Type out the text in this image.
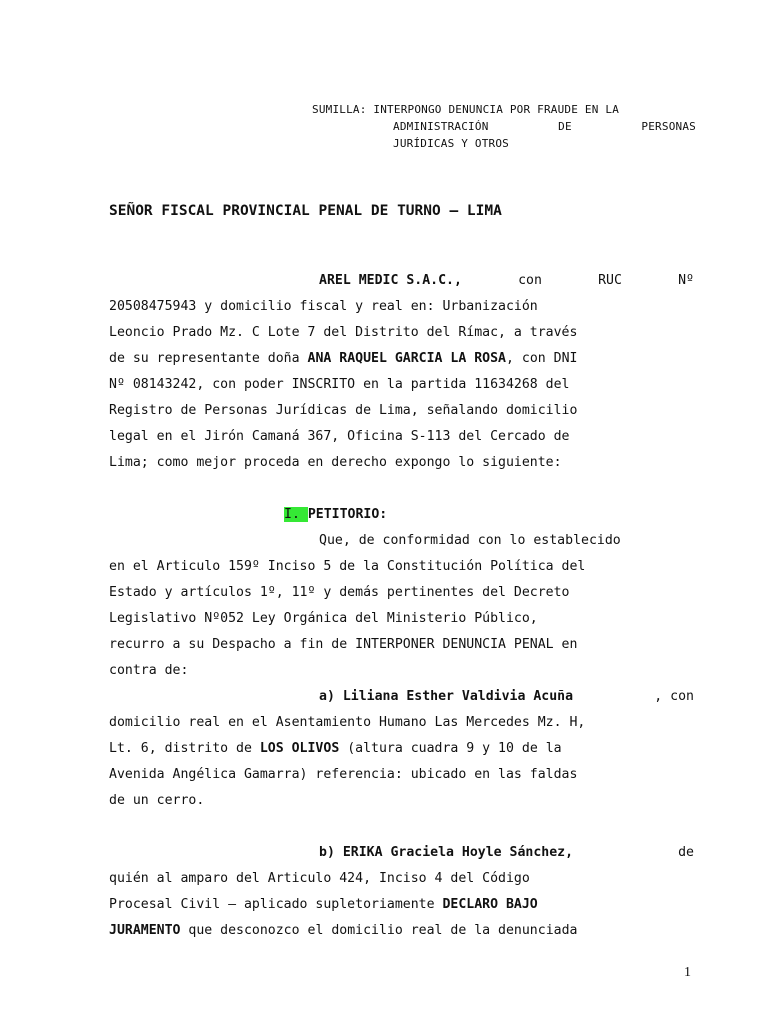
SUMILLA: INTERPONGO DENUNCIA POR FRAUDE EN LA
ADMINISTRACIÓN	DE	PERSONAS
JURÍDICAS Y OTROS
SEÑOR FISCAL PROVINCIAL PENAL DE TURNO – LIMA
AREL MEDIC S.A.C.,	con	RUC	Nº
20508475943 y domicilio fiscal y real en: Urbanización
Leoncio Prado Mz. C Lote 7 del Distrito del Rímac, a través
de su representante doña ANA RAQUEL GARCIA LA ROSA, con DNI
Nº 08143242, con poder INSCRITO en la partida 11634268 del
Registro de Personas Jurídicas de Lima, señalando domicilio
legal en el Jirón Camaná 367, Oficina S-113 del Cercado de
Lima; como mejor proceda en derecho expongo lo siguiente:
I. PETITORIO:
Que, de conformidad con lo establecido
en el Articulo 159º Inciso 5 de la Constitución Política del
Estado y artículos 1º, 11º y demás pertinentes del Decreto
Legislativo Nº052 Ley Orgánica del Ministerio Público,
recurro a su Despacho a fin de INTERPONER DENUNCIA PENAL en
contra de:
a) Liliana Esther Valdivia Acuña	, con
domicilio real en el Asentamiento Humano Las Mercedes Mz. H,
Lt. 6, distrito de LOS OLIVOS (altura cuadra 9 y 10 de la
Avenida Angélica Gamarra) referencia: ubicado en las faldas
de un cerro.
b) ERIKA Graciela Hoyle Sánchez,	de
quién al amparo del Articulo 424, Inciso 4 del Código
Procesal Civil – aplicado supletoriamente DECLARO BAJO
JURAMENTO que desconozco el domicilio real de la denunciada
1
